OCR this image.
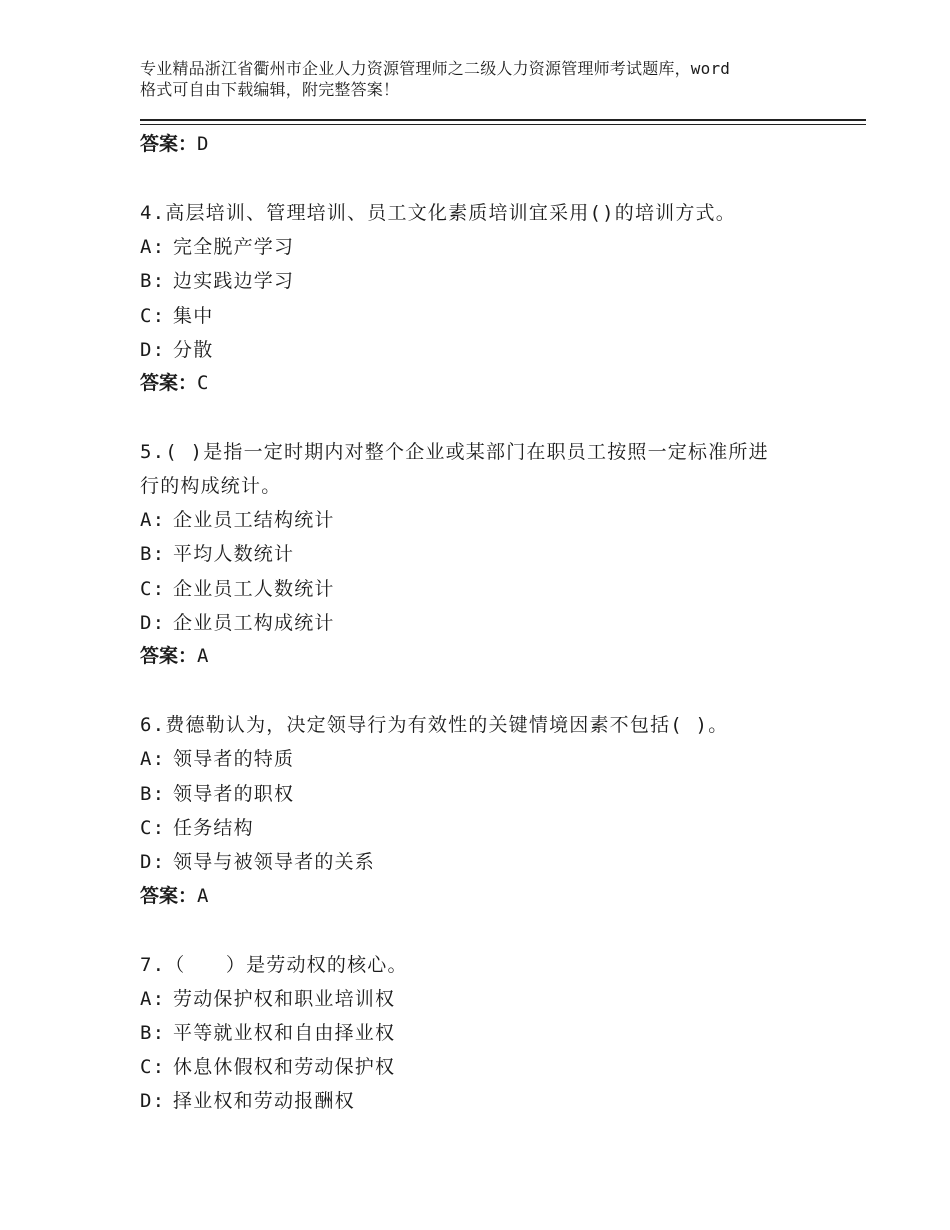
专业精品浙江省衢州市企业人力资源管理师之二级人力资源管理师考试题库，word
格式可自由下载编辑，附完整答案！
答案：D
4.高层培训、管理培训、员工文化素质培训宜采用()的培训方式。
A: 完全脱产学习
B: 边实践边学习
C: 集中
D: 分散
答案：C
5.( )是指一定时期内对整个企业或某部门在职员工按照一定标准所进
行的构成统计。
A: 企业员工结构统计
B: 平均人数统计
C: 企业员工人数统计
D: 企业员工构成统计
答案：A
6.费德勒认为，决定领导行为有效性的关键情境因素不包括( )。
A: 领导者的特质
B: 领导者的职权
C: 任务结构
D: 领导与被领导者的关系
答案：A
7.（　　）是劳动权的核心。
A: 劳动保护权和职业培训权
B: 平等就业权和自由择业权
C: 休息休假权和劳动保护权
D: 择业权和劳动报酬权
